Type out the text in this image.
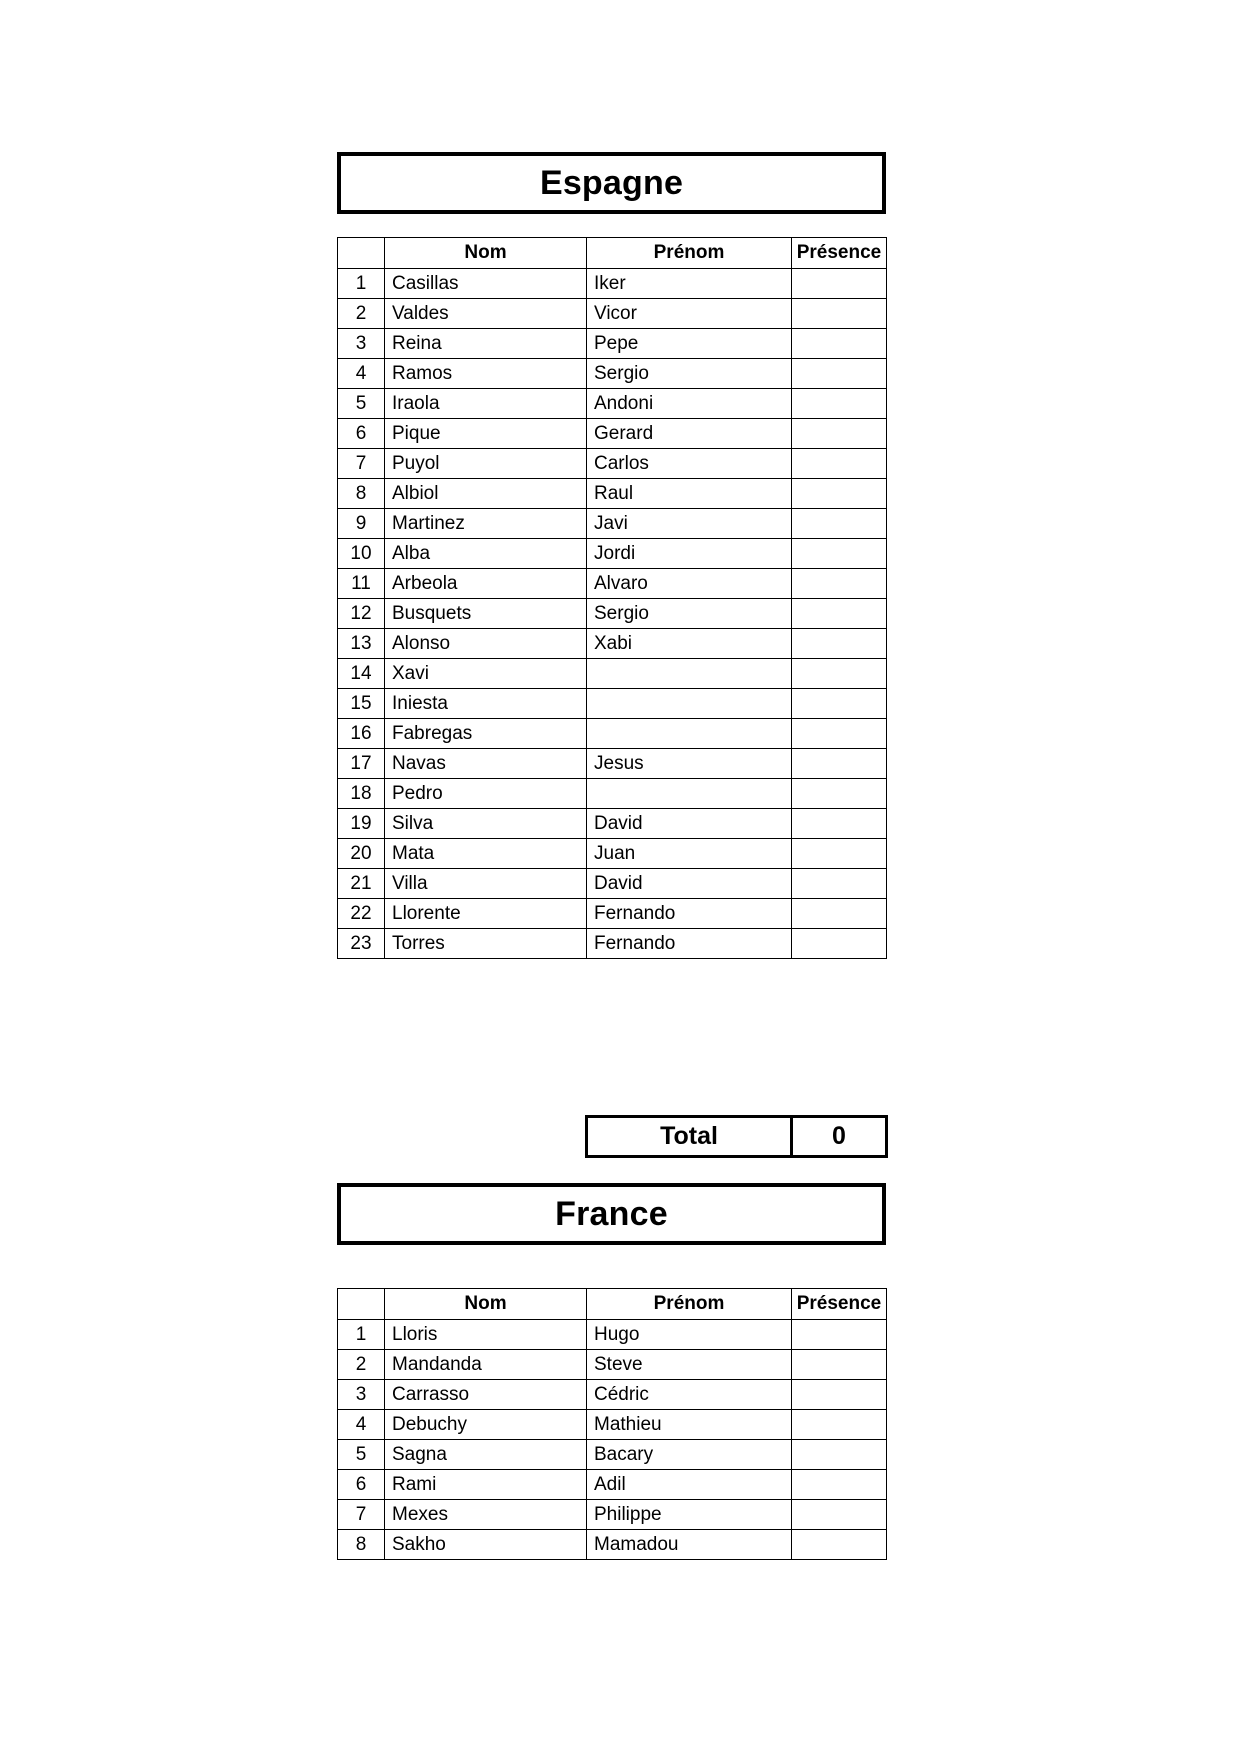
Espagne
	Nom	Prénom	Présence
1	Casillas	Iker	
2	Valdes	Vicor	
3	Reina	Pepe	
4	Ramos	Sergio	
5	Iraola	Andoni	
6	Pique	Gerard	
7	Puyol	Carlos	
8	Albiol	Raul	
9	Martinez	Javi	
10	Alba	Jordi	
11	Arbeola	Alvaro	
12	Busquets	Sergio	
13	Alonso	Xabi	
14	Xavi		
15	Iniesta		
16	Fabregas		
17	Navas	Jesus	
18	Pedro		
19	Silva	David	
20	Mata	Juan	
21	Villa	David	
22	Llorente	Fernando	
23	Torres	Fernando	
Total	0
France
	Nom	Prénom	Présence
1	Lloris	Hugo	
2	Mandanda	Steve	
3	Carrasso	Cédric	
4	Debuchy	Mathieu	
5	Sagna	Bacary	
6	Rami	Adil	
7	Mexes	Philippe	
8	Sakho	Mamadou	
